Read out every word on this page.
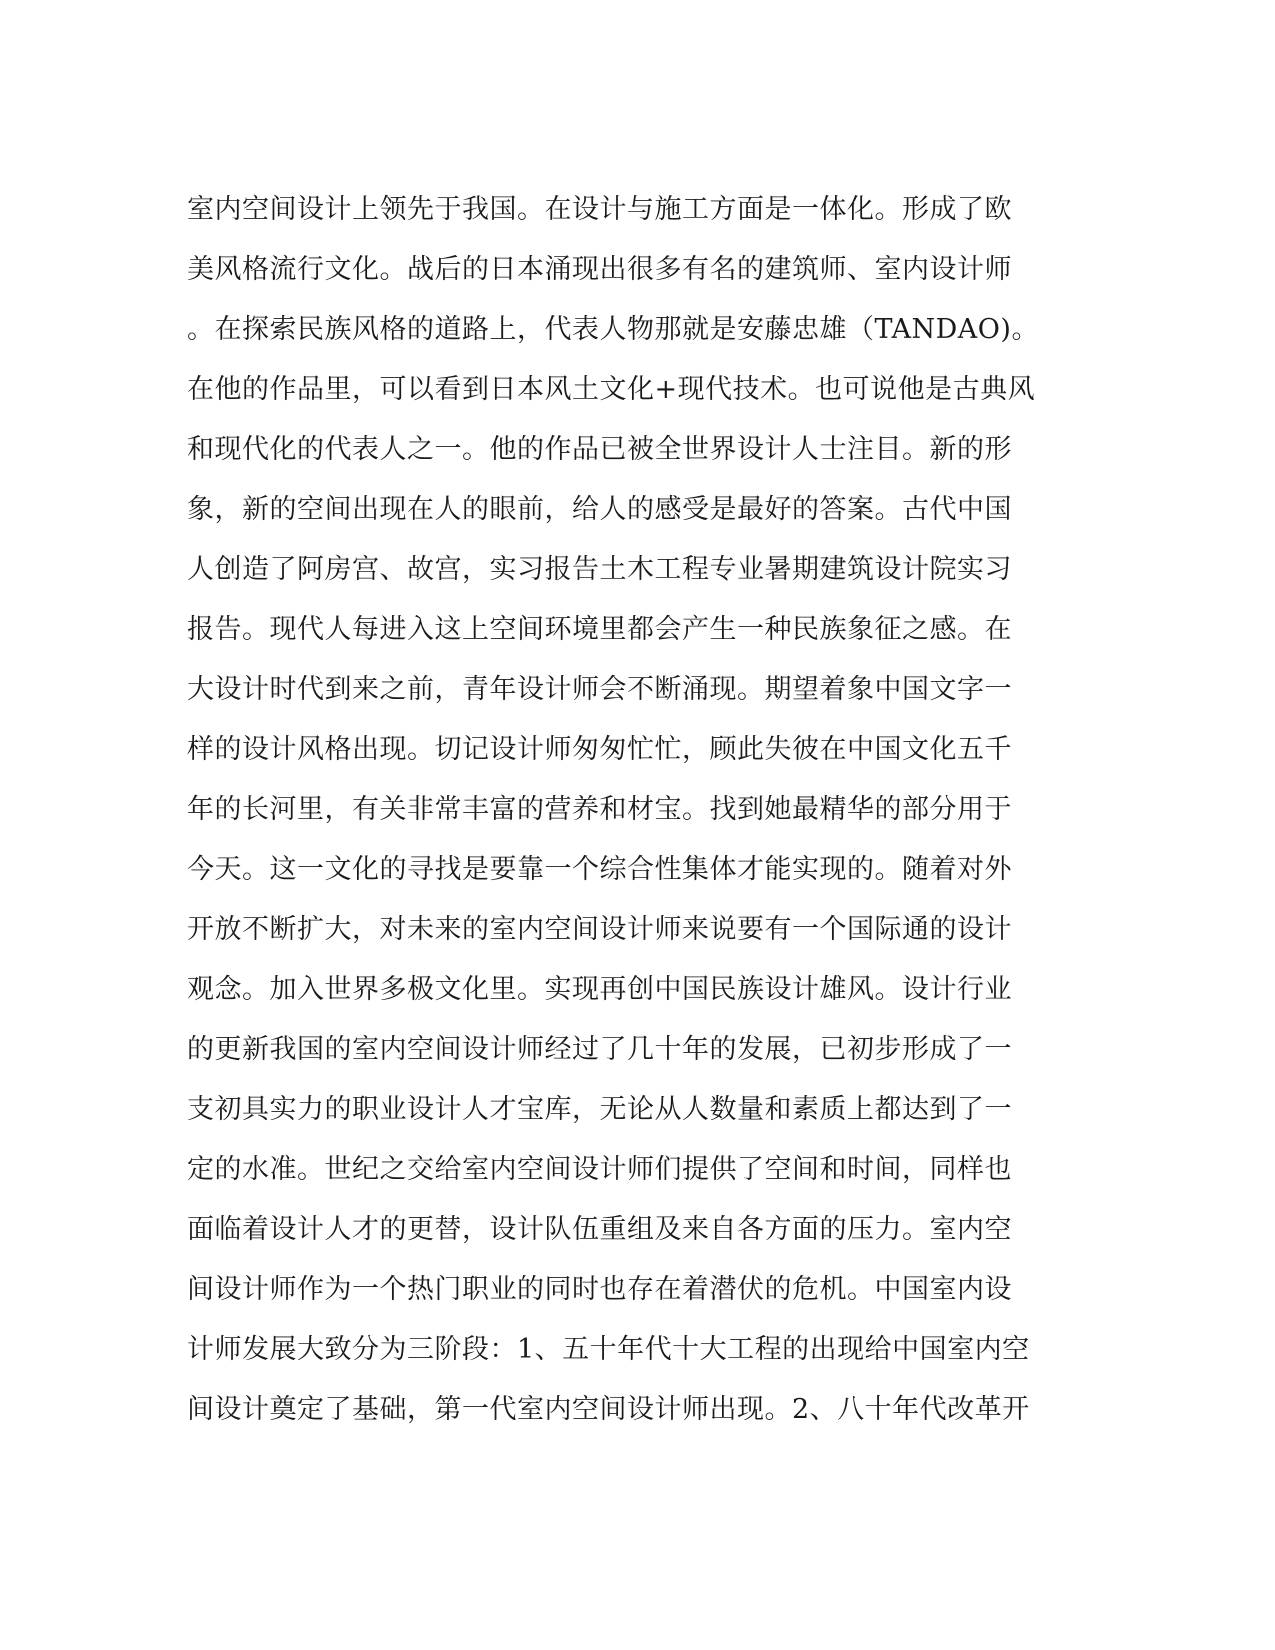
室内空间设计上领先于我国。在设计与施工方面是一体化。形成了欧
美风格流行文化。战后的日本涌现出很多有名的建筑师、室内设计师
。在探索民族风格的道路上，代表人物那就是安藤忠雄（TANDAO)。
在他的作品里，可以看到日本风土文化+现代技术。也可说他是古典风
和现代化的代表人之一。他的作品已被全世界设计人士注目。新的形
象，新的空间出现在人的眼前，给人的感受是最好的答案。古代中国
人创造了阿房宫、故宫，实习报告土木工程专业暑期建筑设计院实习
报告。现代人每进入这上空间环境里都会产生一种民族象征之感。在
大设计时代到来之前，青年设计师会不断涌现。期望着象中国文字一
样的设计风格出现。切记设计师匆匆忙忙，顾此失彼在中国文化五千
年的长河里，有关非常丰富的营养和材宝。找到她最精华的部分用于
今天。这一文化的寻找是要靠一个综合性集体才能实现的。随着对外
开放不断扩大，对未来的室内空间设计师来说要有一个国际通的设计
观念。加入世界多极文化里。实现再创中国民族设计雄风。设计行业
的更新我国的室内空间设计师经过了几十年的发展，已初步形成了一
支初具实力的职业设计人才宝库，无论从人数量和素质上都达到了一
定的水准。世纪之交给室内空间设计师们提供了空间和时间，同样也
面临着设计人才的更替，设计队伍重组及来自各方面的压力。室内空
间设计师作为一个热门职业的同时也存在着潜伏的危机。中国室内设
计师发展大致分为三阶段：1、五十年代十大工程的出现给中国室内空
间设计奠定了基础，第一代室内空间设计师出现。2、八十年代改革开
